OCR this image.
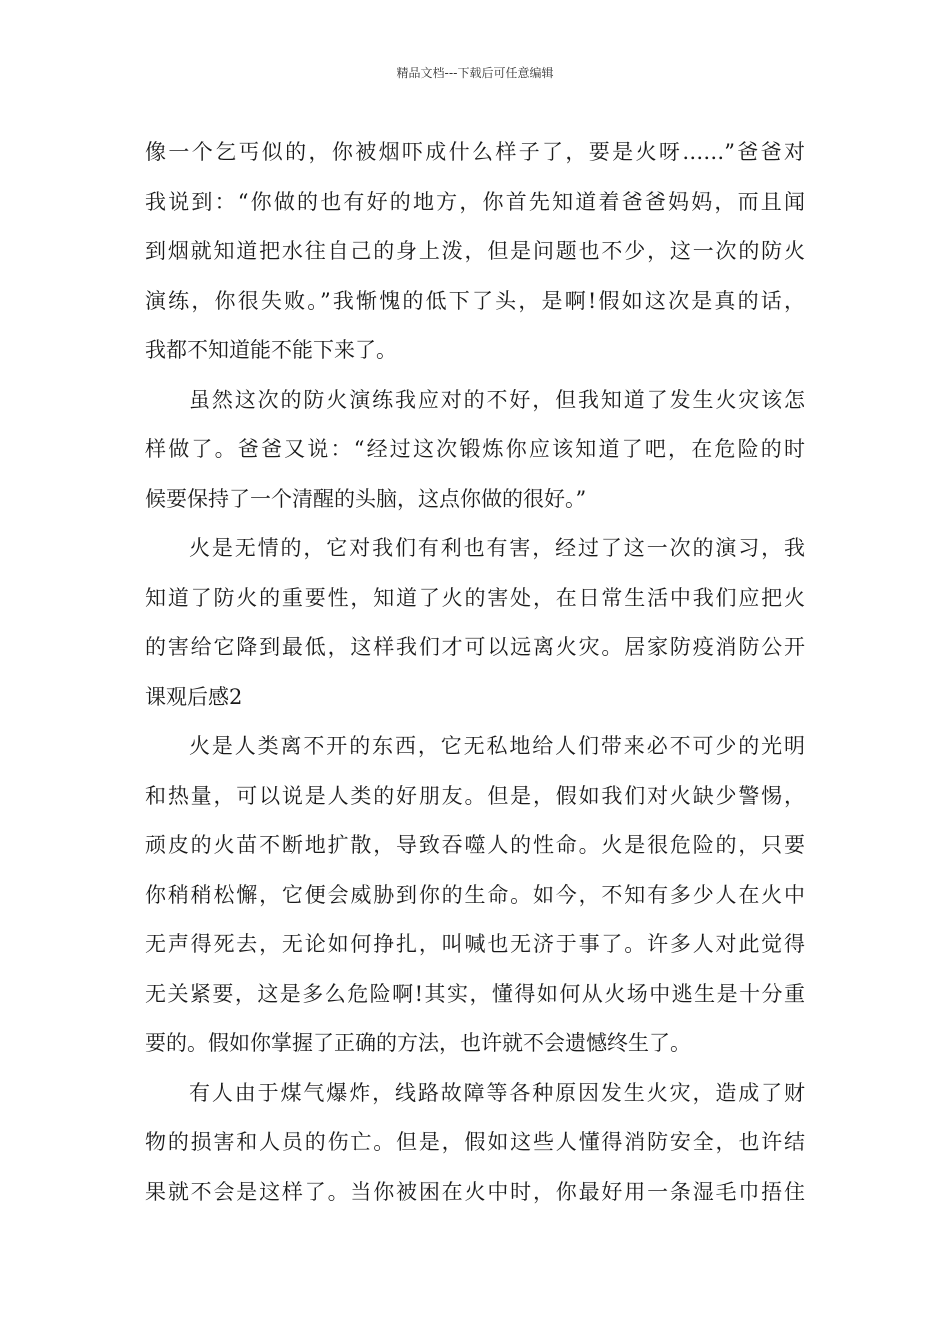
精品文档---下载后可任意编辑

像一个乞丐似的，你被烟吓成什么样子了，要是火呀……”爸爸对
我说到：“你做的也有好的地方，你首先知道着爸爸妈妈，而且闻
到烟就知道把水往自己的身上泼，但是问题也不少，这一次的防火
演练，你很失败。”我惭愧的低下了头，是啊!假如这次是真的话，
我都不知道能不能下来了。

虽然这次的防火演练我应对的不好，但我知道了发生火灾该怎
样做了。爸爸又说：“经过这次锻炼你应该知道了吧，在危险的时
候要保持了一个清醒的头脑，这点你做的很好。”

火是无情的，它对我们有利也有害，经过了这一次的演习，我
知道了防火的重要性，知道了火的害处，在日常生活中我们应把火
的害给它降到最低，这样我们才可以远离火灾。居家防疫消防公开
课观后感2

火是人类离不开的东西，它无私地给人们带来必不可少的光明
和热量，可以说是人类的好朋友。但是，假如我们对火缺少警惕，
顽皮的火苗不断地扩散，导致吞噬人的性命。火是很危险的，只要
你稍稍松懈，它便会威胁到你的生命。如今，不知有多少人在火中
无声得死去，无论如何挣扎，叫喊也无济于事了。许多人对此觉得
无关紧要，这是多么危险啊!其实，懂得如何从火场中逃生是十分重
要的。假如你掌握了正确的方法，也许就不会遗憾终生了。

有人由于煤气爆炸，线路故障等各种原因发生火灾，造成了财
物的损害和人员的伤亡。但是，假如这些人懂得消防安全，也许结
果就不会是这样了。当你被困在火中时，你最好用一条湿毛巾捂住
